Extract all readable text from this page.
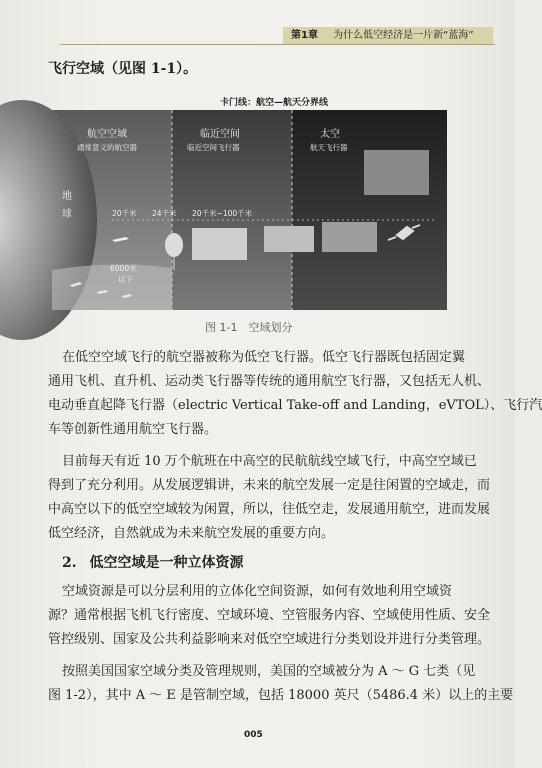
第1章 为什么低空经济是一片新“蓝海”
飞行空域（见图 1-1）。
卡门线：航空—航天分界线
航空空域
通常意义的航空器
临近空间
临近空间飞行器
太空
航天飞行器
地球	20千米 24千米 20千米~100千米
6000米
以下
图 1-1　空域划分
在低空空域飞行的航空器被称为低空飞行器。低空飞行器既包括固定翼
通用飞机、直升机、运动类飞行器等传统的通用航空飞行器，又包括无人机、
电动垂直起降飞行器（electric Vertical Take-off and Landing，eVTOL）、飞行汽
车等创新性通用航空飞行器。
目前每天有近 10 万个航班在中高空的民航航线空域飞行，中高空空域已
得到了充分利用。从发展逻辑讲，未来的航空发展一定是往闲置的空域走，而
中高空以下的低空空域较为闲置，所以，往低空走，发展通用航空，进而发展
低空经济，自然就成为未来航空发展的重要方向。
2. 低空空域是一种立体资源
空域资源是可以分层利用的立体化空间资源，如何有效地利用空域资
源？通常根据飞机飞行密度、空域环境、空管服务内容、空域使用性质、安全
管控级别、国家及公共利益影响来对低空空域进行分类划设并进行分类管理。
按照美国国家空域分类及管理规则，美国的空域被分为 A ～ G 七类（见
图 1-2），其中 A ～ E 是管制空域，包括 18000 英尺（5486.4 米）以上的主要
005
